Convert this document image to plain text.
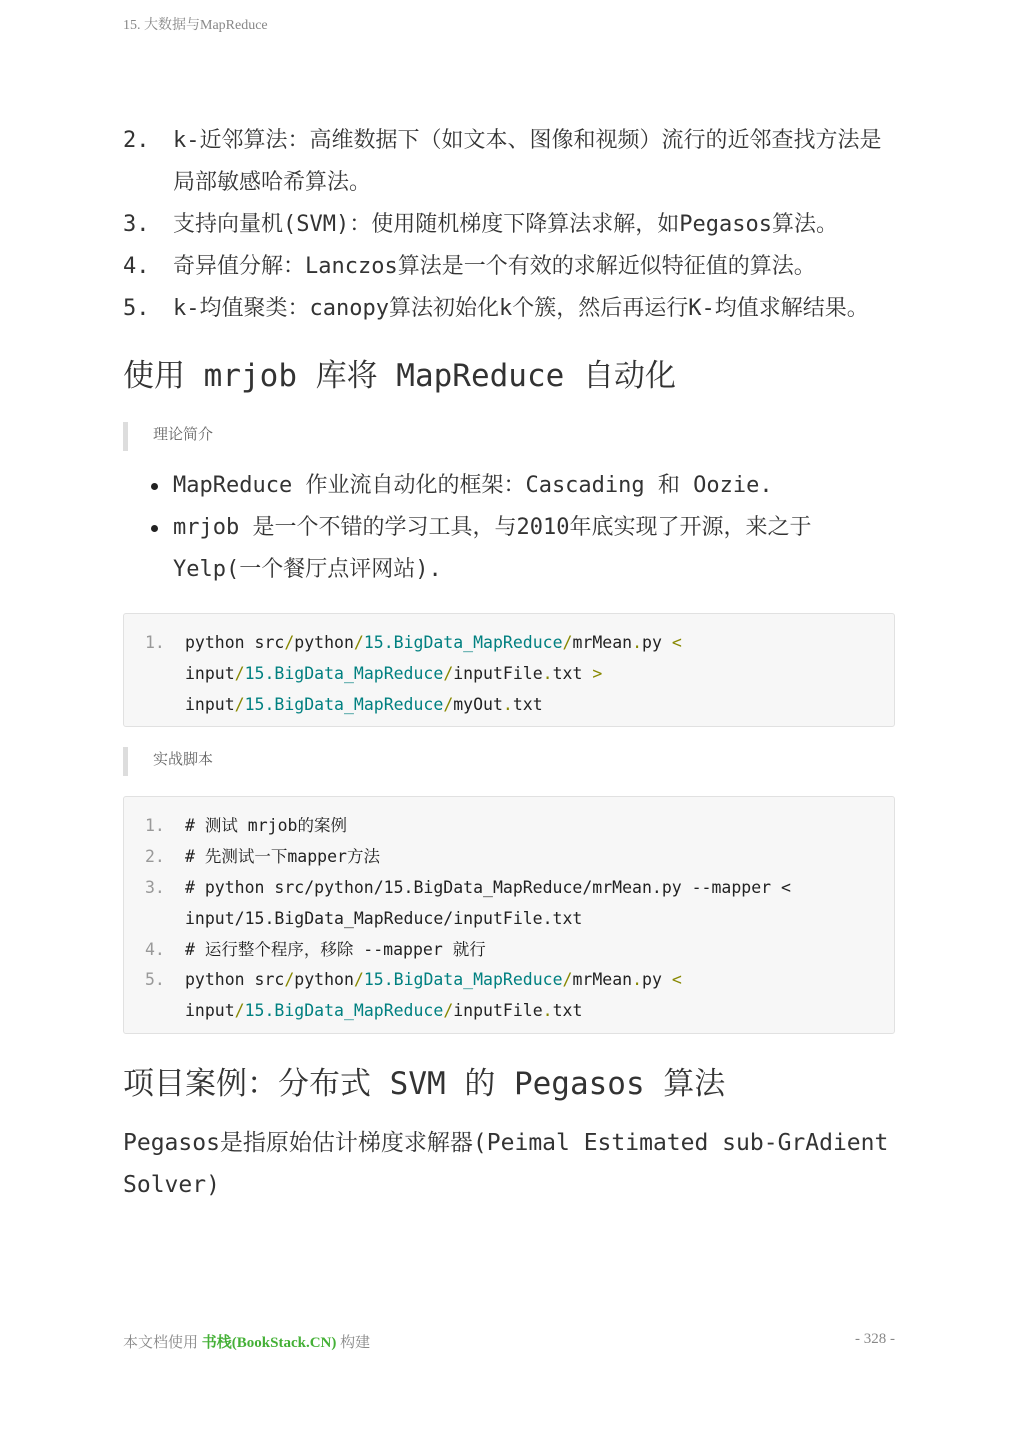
15. 大数据与MapReduce
2.	k-近邻算法：高维数据下（如文本、图像和视频）流行的近邻查找方法是局部敏感哈希算法。
3.	支持向量机(SVM)：使用随机梯度下降算法求解，如Pegasos算法。
4.	奇异值分解：Lanczos算法是一个有效的求解近似特征值的算法。
5.	k-均值聚类：canopy算法初始化k个簇，然后再运行K-均值求解结果。
使用 mrjob 库将 MapReduce 自动化
理论简介
MapReduce 作业流自动化的框架：Cascading 和 Oozie.
mrjob 是一个不错的学习工具，与2010年底实现了开源，来之于Yelp(一个餐厅点评网站).
1.	python src/python/15.BigData_MapReduce/mrMean.py < input/15.BigData_MapReduce/inputFile.txt > input/15.BigData_MapReduce/myOut.txt
实战脚本
1.	# 测试 mrjob的案例
2.	# 先测试一下mapper方法
3.	# python src/python/15.BigData_MapReduce/mrMean.py --mapper < input/15.BigData_MapReduce/inputFile.txt
4.	# 运行整个程序，移除 --mapper 就行
5.	python src/python/15.BigData_MapReduce/mrMean.py < input/15.BigData_MapReduce/inputFile.txt
项目案例：分布式 SVM 的 Pegasos 算法

Pegasos是指原始估计梯度求解器(Peimal Estimated sub-GrAdient Solver)

本文档使用 书栈(BookStack.CN) 构建	- 328 -
